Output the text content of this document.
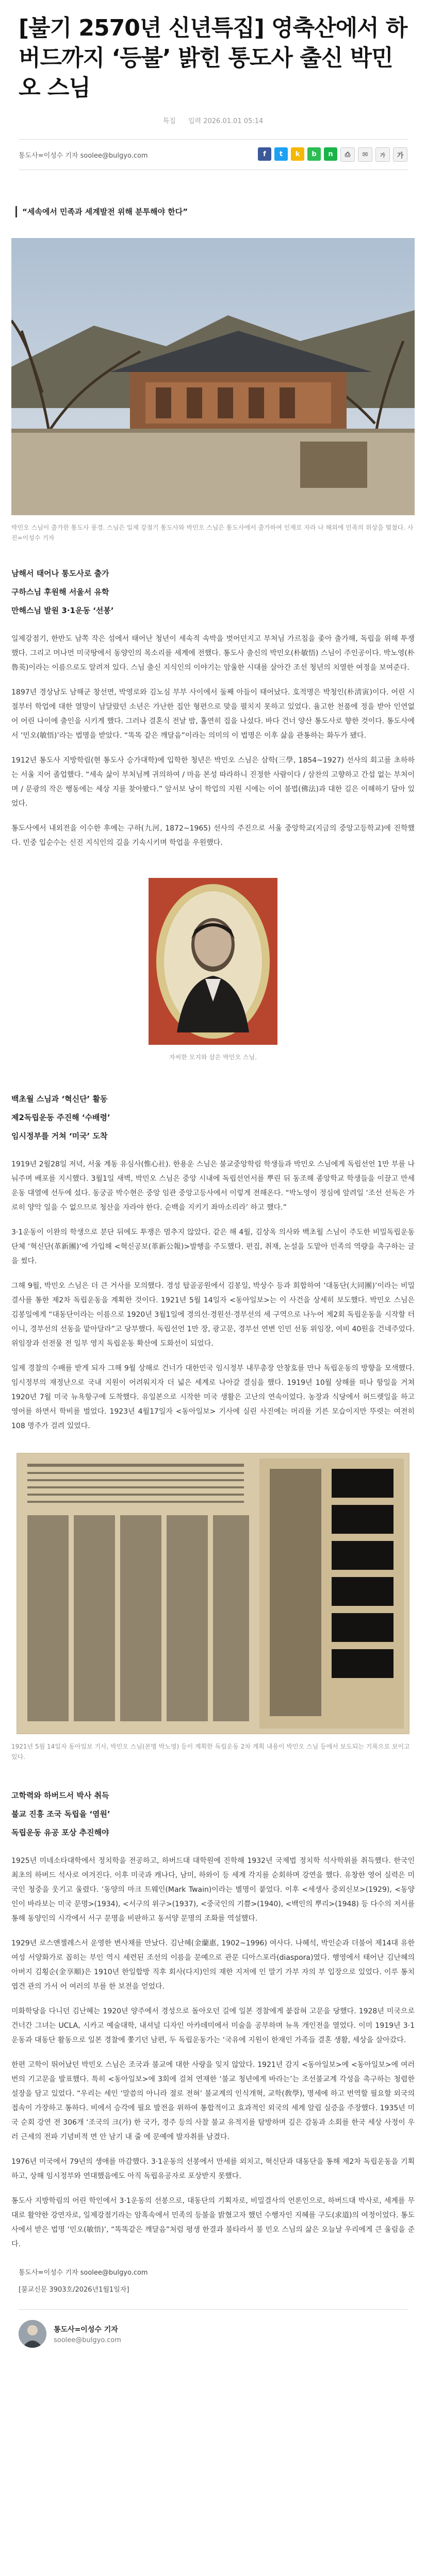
[불기 2570년 신년특집] 영축산에서 하버드까지 ‘등불’ 밝힌 통도사 출신 박민오 스님
특집 입력 2026.01.01 05:14
통도사=이성수 기자 soolee@bulgyo.com	f	t	k	b	n	⎙	✉	가	가
“세속에서 민족과 세계발전 위해 분투해야 한다”
박민오 스님이 출가한 통도사 풍경. 스님은 일제 강점기 통도사와 박민오 스님은 통도사에서 출가하여 인재로 자라 나 해외에 민족의 위상을 떨쳤다. 사진=이성수 기자
남해서 태어나 통도사로 출가
구하스님 후원해 서울서 유학
만해스님 발원 3·1운동 ‘선봉’

일제강점기, 한반도 남쪽 작은 섬에서 태어난 청년이 세속적 속박을 벗어던지고 부처님 가르침을 좇아 출가해, 독립을 위해 투쟁했다. 그리고 머나먼 미국땅에서 동양인의 목소리를 세계에 전했다. 통도사 출신의 박민오(朴敏悟) 스님이 주인공이다. 박노영(朴魯英)이라는 이름으로도 알려져 있다. 스님 출신 지식인의 이야기는 암울한 시대를 살아간 조선 청년의 치열한 여정을 보여준다.

1897년 경상남도 남해군 창선면, 박영로와 김노심 부부 사이에서 둘째 아들이 태어났다. 호적명은 박청인(朴淸寅)이다. 어린 시절부터 학업에 대한 열망이 남달랐던 소년은 가난한 집안 형편으로 맞을 펼치지 못하고 있었다. 율고한 천품에 정을 받아 인연없어 어린 나이에 출인을 시키게 했다. 그러나 결혼식 전날 밤, 홀연히 집을 나섰다. 바다 건너 양산 통도사로 향한 것이다. 통도사에서 ‘민오(敏悟)’라는 법명을 받았다. “똑똑 같은 깨달음”이라는 의미의 이 법명은 이후 삶을 관통하는 화두가 됐다.

1912년 통도사 지방학림(현 통도사 승가대학)에 입학한 청년은 박민오 스님은 삼학(三學, 1854~1927) 선사의 회고를 초하하는 서울 지어 졸업했다. “세속 삶이 부처님께 귀의하여 / 마음 본성 따라하니 진정한 사람이다 / 삼찬의 고향하고 간섭 없는 부처이며 / 문광의 작은 행동에는 세상 지를 찾아봤다.” 앞서보 낭이 학업의 지원 시에는 이어 불법(佛法)과 대한 길은 이해하기 담아 있었다.

통도사에서 내외전을 이수한 후에는 구하(九河, 1872~1965) 선사의 주진으로 서울 중앙학교(지금의 중앙고등학교)에 진학했다. 민중 입순수는 신진 지식인의 길을 기속시키며 학업을 우원했다.

자씨한 모지와 삼은 박민오 스님.
백초월 스님과 ‘혁신단’ 활동
제2독립운동 주진해 ‘수배령’
임시정부를 거쳐 ‘미국’ 도착

1919년 2월28일 저녁, 서울 계동 유심사(惟心社). 한용운 스님은 불교중앙학림 학생들과 박민오 스님에게 독립선언 1만 부를 나눠주며 배포를 지시했다. 3월1일 새벽, 박민오 스님은 중앙 시내에 독립선언서를 뿌린 뒤 동조해 종앙학교 학생들을 이끌고 만세운동 대열에 선두에 섰다. 동궁골 박수현은 중앙 임관 중앙고등사에서 이렇게 전해온다. “박노영이 정심에 앞려일 ‘조선 선독은 가로히 양악 일을 수 없으므로 청산을 자라야 한다. 순백을 지키기 좌마소리라’ 하고 했다.”

3·1운동이 이완의 학생으로 분단 뒤에도 투쟁은 멈추지 않았다. 같은 해 4월, 김상옥 의사와 백초월 스님이 주도한 비밀독립운동단체 ‘혁신단(革新團)’에 가입해 <혁신공보(革新公報)>발행을 주도했다. 편집, 취재, 논설을 도맡아 민족의 역량을 촉구하는 글을 썼다.

그해 9월, 박민오 스님은 더 큰 거사를 모의했다. 경성 탑골공원에서 김봉일, 박상수 등과 회합하여 ‘대동단(大同團)’이라는 비밀결사를 통한 제2차 독립운동을 계획한 것이다. 1921년 5월 14일자 <동아일보>는 이 사건을 상세히 보도했다. 박민오 스님은 김봉일에게 “대동단이라는 이름으로 1920년 3월1일에 경의선·경원선·경부선의 세 구역으로 나누어 제2회 독립운동을 시작할 터이니, 경부선의 선동을 맡아달라”고 당부했다. 독립선언 1만 장, 광고문, 경부선 연변 인민 선동 위임장, 여비 40원을 건네주었다. 위임장과 선전물 전 일부 영지 독립운동 확산에 도화선이 되었다.

일제 경찰의 수배를 받게 되자 그해 9월 상해로 건너가 대한민국 임시정부 내무총장 안창호를 만나 독립운동의 방향을 모색했다. 임시정부의 재정난으로 국내 지원이 어려워지자 더 넓은 세계로 나아갈 결심을 했다. 1919년 10월 상해를 떠나 항일을 거쳐 1920년 7월 미국 뉴욕항구에 도착했다. 유일본으로 시작한 미국 생활은 고난의 연속이었다. 농장과 식당에서 허드렛일을 하고 영어를 하면서 학비를 벌었다. 1923년 4월17일자 <동아일보> 기사에 실린 사진에는 머리를 기른 모습이지만 뚜렷는 여전히 108 명주가 걸려 있었다.

1921년 5월 14일자 동아일보 기사, 박민오 스님(본명 박노영) 등이 계획한 독립운동 2차 계획 내용이 박민오 스님 등에서 보도되는 기록으로 보이고 있다.
고학력와 하버드서 박사 취득
불교 진흥 조국 독립을 ‘염원’
독립운동 유공 포상 추진해야

1925년 미네소타대학에서 정치학을 전공하고, 하버드대 대학원에 진학해 1932년 국제법 정치학 석사학위를 취득했다. 한국인 최초의 하버드 석사로 여겨진다. 이후 미국과 캐나다, 남미, 하와이 등 세계 각지를 순회하며 강연을 했다. 유창한 영어 실력은 미국인 청중을 웃기고 울렸다. ‘동양의 마크 트웨인(Mark Twain)이라는 별명이 붙었다. 이후 <세생사 중외신보>(1929), <동양인이 바라보는 미국 문명>(1934), <서구의 위구>(1937), <중국인의 기쁨>(1940), <백인의 뿌리>(1948) 등 다수의 저서를 통해 동양인의 시각에서 서구 문명을 비판하고 동서양 문명의 조화를 역설했다.

1929년 로스앤젤레스서 운영한 변사채를 만났다. 김난혜(金蘭惠, 1902~1996) 여사다. 나혜석, 박인순과 더불어 제14대 유한 여성 서양화가로 꼽히는 부인 역시 세련된 조선의 이름을 문예으로 관문 디아스포라(diaspora)였다. 행영에서 태어난 김난혜의 아버지 김횡순(金享順)은 1910년 한일합방 직후 회사(다지)인의 재한 지저에 인 말기 가부 자의 부 입장으로 있었다. 이루 통치 엽견 관의 가서 어 여러의 부를 한 보전을 얻었다.

미화학당을 다니던 김난혜는 1920년 양주에서 경성으로 돌아오던 길에 일본 경찰에게 붙잡혀 고문을 당했다. 1928년 미국으로 건너간 그녀는 UCLA, 시카고 예술대학, 내셔널 디자인 아카데미에서 미술을 공부하며 뉴욕 개인전을 열었다. 이미 1919년 3·1운동과 대동단 활동으로 일본 경찰에 쫓기던 남편, 두 독립운동가는 ‘국유에 지원이 한재인 가족들 결혼 생활, 세상을 살아갔다.

한편 고학이 뛰어났던 박민오 스님은 조국과 불교에 대한 사랑을 잊지 않았다. 1921년 감지 <동아일보>에 <동아일보>에 여러 번의 기고문을 발표했다. 특히 <동아일보>에 3회에 걸쳐 연재한 ‘불교 청년에게 바라는’는 조선불교계 각성을 촉구하는 청렴한 설장을 담고 있었다. “우리는 세인 ‘말씀의 아니라 절로 전혀’ 불교계의 인식개혁, 교학(敎學), 명세에 하고 번역할 필요할 외국의 접속이 가장하고 통하다. 비에서 승각에 필요 발전을 위하여 통합적이고 효과적인 외국의 세계 알림 실증을 주장했다. 1935년 미국 순회 강연 전 306개 ‘조국의 크(가) 한 국가, 경주 등의 사찰 불교 유적지를 탐방하며 깊은 감동과 소회를 한국 세상 사정이 우러 근세의 전파 기념비적 면 안 남기 내 줄 에 문예에 발자취를 남겼다.

1976년 미국에서 79년의 생애를 마감했다. 3·1운동의 선봉에서 만세를 외치고, 혁신단과 대동단을 통해 제2차 독립운동을 기획하고, 상해 임시정부와 연대했음에도 아직 독립유공자로 포상받지 못했다.

통도사 지방학림의 어린 학인에서 3·1운동의 선봉으로, 대동단의 기획자로, 비밀결사의 언론인으로, 하버드대 박사로, 세계를 무대로 활약한 강연자로, 일제강점기라는 암흑속에서 민족의 등불을 밝혔고자 했던 수행자인 지혜를 구도(求道)의 여정이었다. 통도사에서 받은 법명 ‘민오(敏悟)’, “똑똑같은 깨달음”처럼 평생 한결과 불타라서 불 민오 스님의 삶은 오늘날 우리에게 큰 울림을 준다.

통도사=이성수 기자 soolee@bulgyo.com
[불교신문 3903호/2026년1월1일자]
통도사=이성수 기자
soolee@bulgyo.com
